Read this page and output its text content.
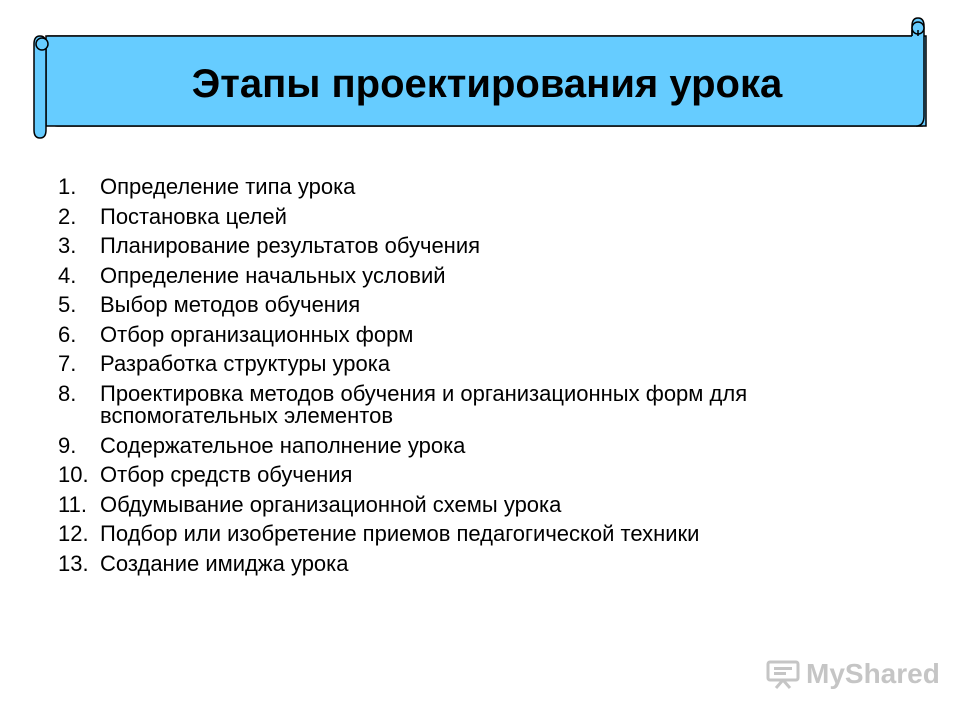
Этапы проектирования урока
1.	Определение типа урока
2.	Постановка целей
3.	Планирование результатов обучения
4.	Определение начальных условий
5.	Выбор методов обучения
6.	Отбор организационных форм
7.	Разработка структуры урока
8.	Проектировка методов обучения и организационных форм для вспомогательных элементов
9.	Содержательное наполнение урока
10. Отбор средств обучения
11. Обдумывание организационной схемы урока
12. Подбор или изобретение приемов педагогической техники
13. Создание имиджа урока
MyShared
